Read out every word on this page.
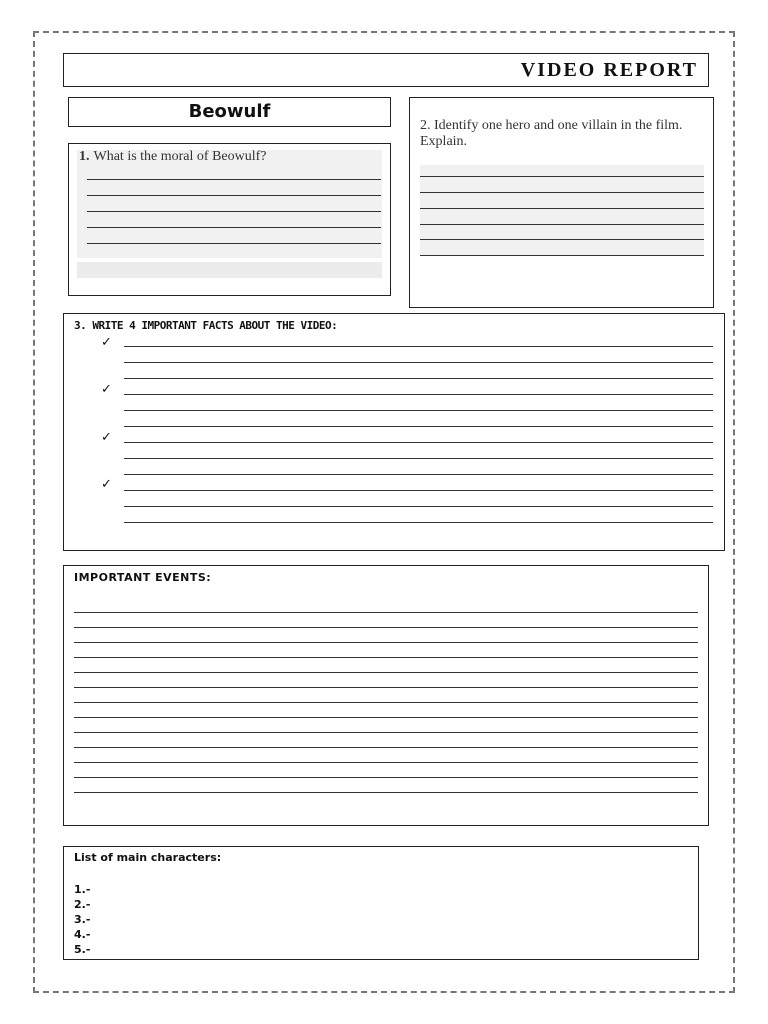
VIDEO REPORT
Beowulf
1. What is the moral of Beowulf?
2. Identify one hero and one villain in the film. Explain.
3. WRITE 4 IMPORTANT FACTS ABOUT THE VIDEO:
✓
✓
✓
✓
IMPORTANT EVENTS:
List of main characters:
1.-
2.-
3.-
4.-
5.-
